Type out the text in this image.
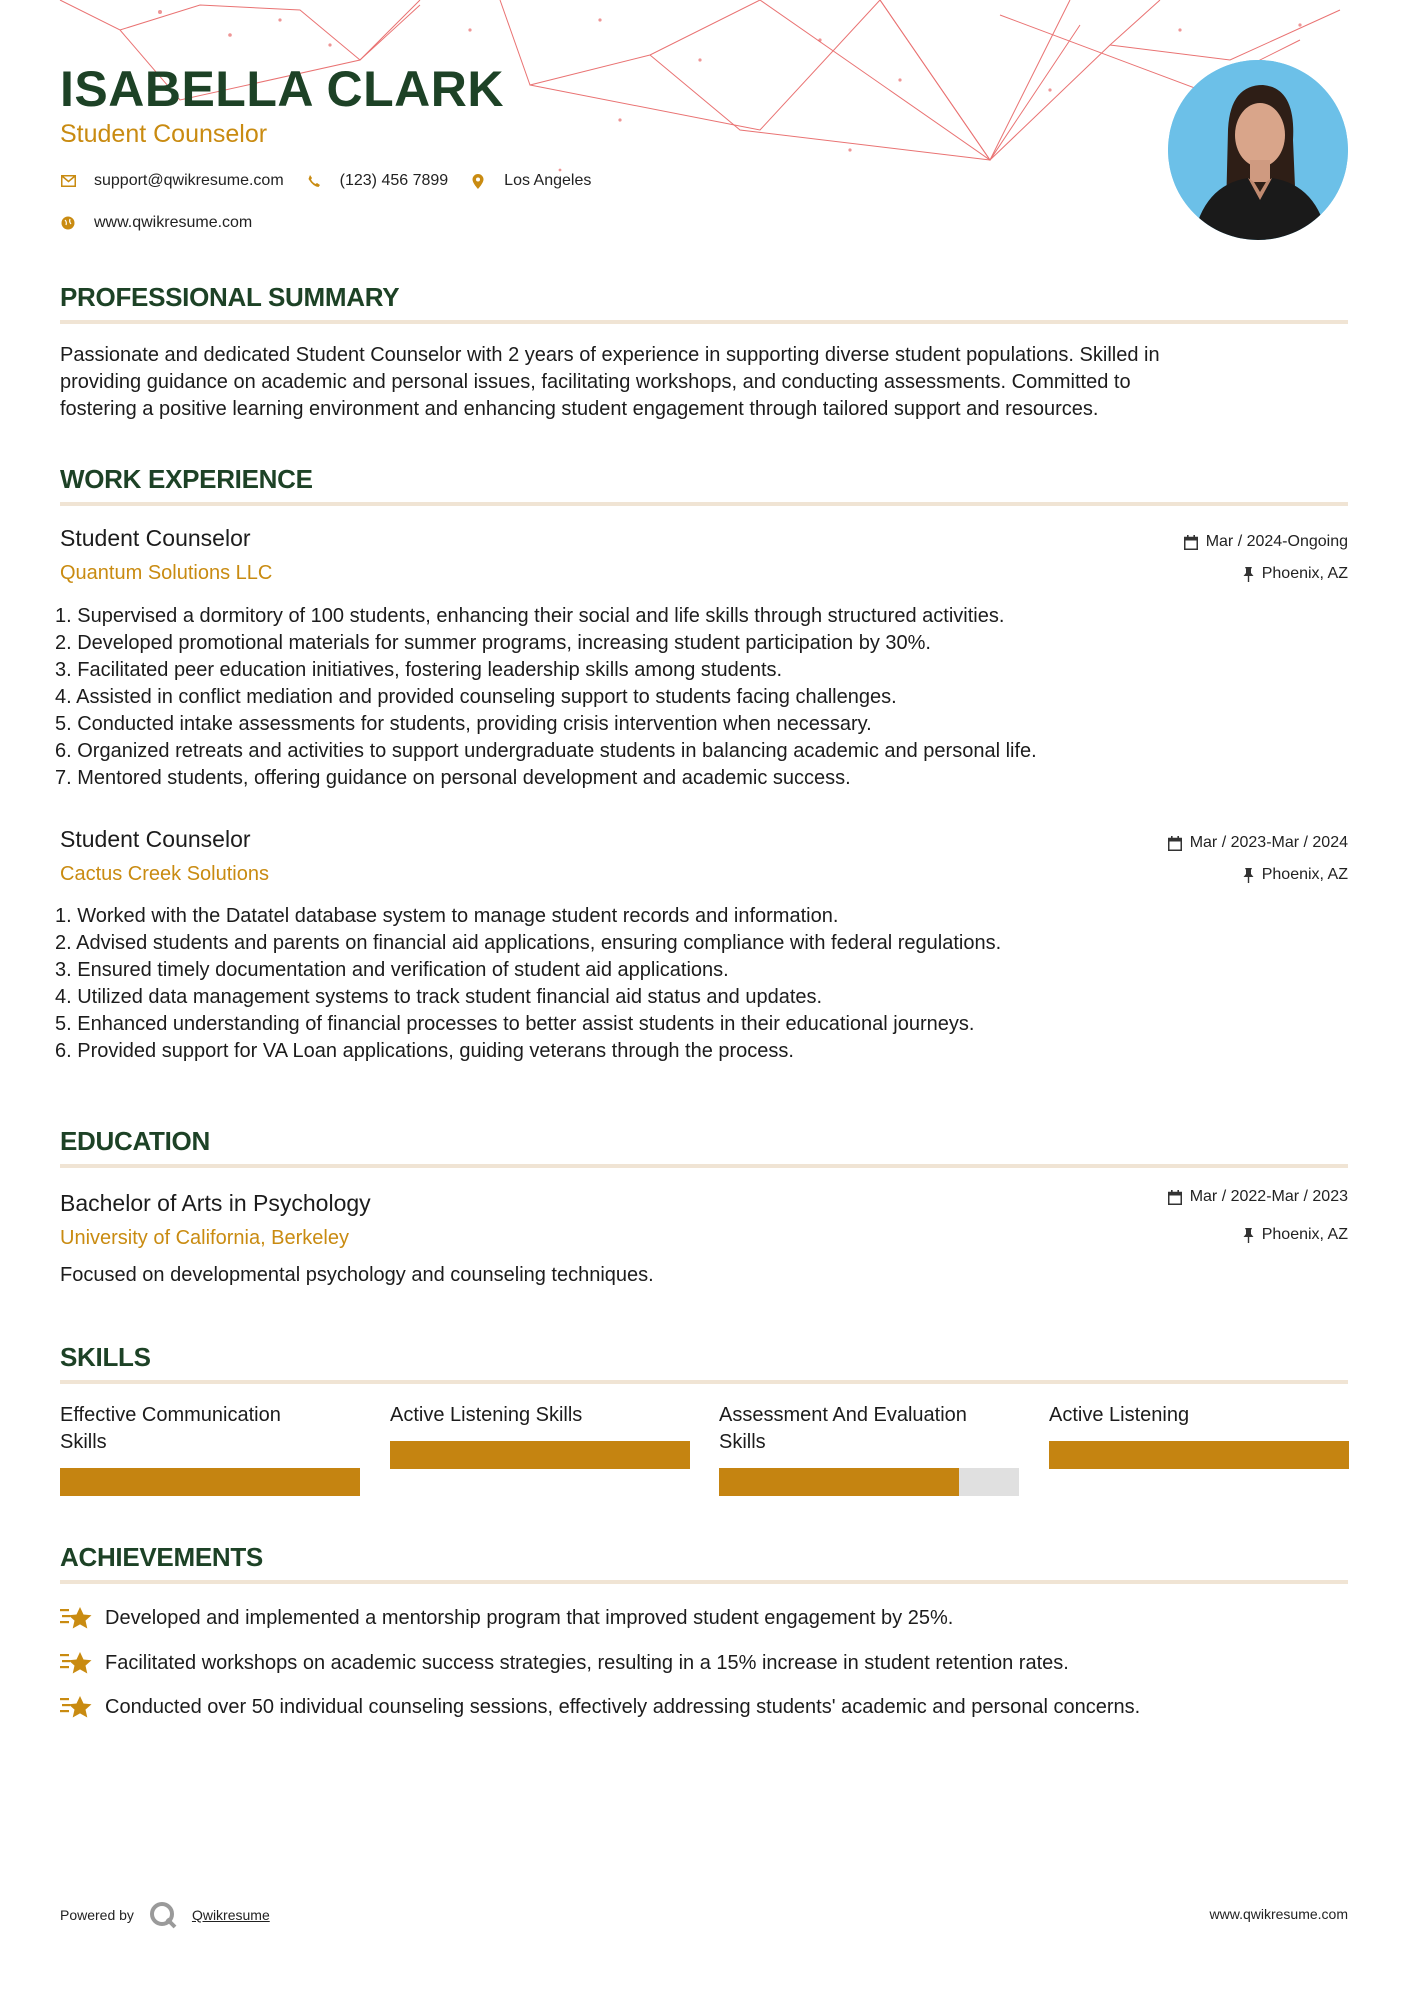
ISABELLA CLARK
Student Counselor
support@qwikresume.com	(123) 456 7899	Los Angeles
www.qwikresume.com
PROFESSIONAL SUMMARY

Passionate and dedicated Student Counselor with 2 years of experience in supporting diverse student populations. Skilled in
providing guidance on academic and personal issues, facilitating workshops, and conducting assessments. Committed to
fostering a positive learning environment and enhancing student engagement through tailored support and resources.

WORK EXPERIENCE
Student Counselor
Quantum Solutions LLC
Mar / 2024-Ongoing
Phoenix, AZ
1. Supervised a dormitory of 100 students, enhancing their social and life skills through structured activities.
2. Developed promotional materials for summer programs, increasing student participation by 30%.
3. Facilitated peer education initiatives, fostering leadership skills among students.
4. Assisted in conflict mediation and provided counseling support to students facing challenges.
5. Conducted intake assessments for students, providing crisis intervention when necessary.
6. Organized retreats and activities to support undergraduate students in balancing academic and personal life.
7. Mentored students, offering guidance on personal development and academic success.
Student Counselor
Cactus Creek Solutions
Mar / 2023-Mar / 2024
Phoenix, AZ
1. Worked with the Datatel database system to manage student records and information.
2. Advised students and parents on financial aid applications, ensuring compliance with federal regulations.
3. Ensured timely documentation and verification of student aid applications.
4. Utilized data management systems to track student financial aid status and updates.
5. Enhanced understanding of financial processes to better assist students in their educational journeys.
6. Provided support for VA Loan applications, guiding veterans through the process.
EDUCATION
Bachelor of Arts in Psychology
University of California, Berkeley
Mar / 2022-Mar / 2023
Phoenix, AZ
Focused on developmental psychology and counseling techniques.
SKILLS
Effective Communication
Skills
Active Listening Skills	Assessment And Evaluation
Skills
Active Listening
ACHIEVEMENTS
Developed and implemented a mentorship program that improved student engagement by 25%.
Facilitated workshops on academic success strategies, resulting in a 15% increase in student retention rates.
Conducted over 50 individual counseling sessions, effectively addressing students' academic and personal concerns.
Powered by	Qwikresume	www.qwikresume.com
